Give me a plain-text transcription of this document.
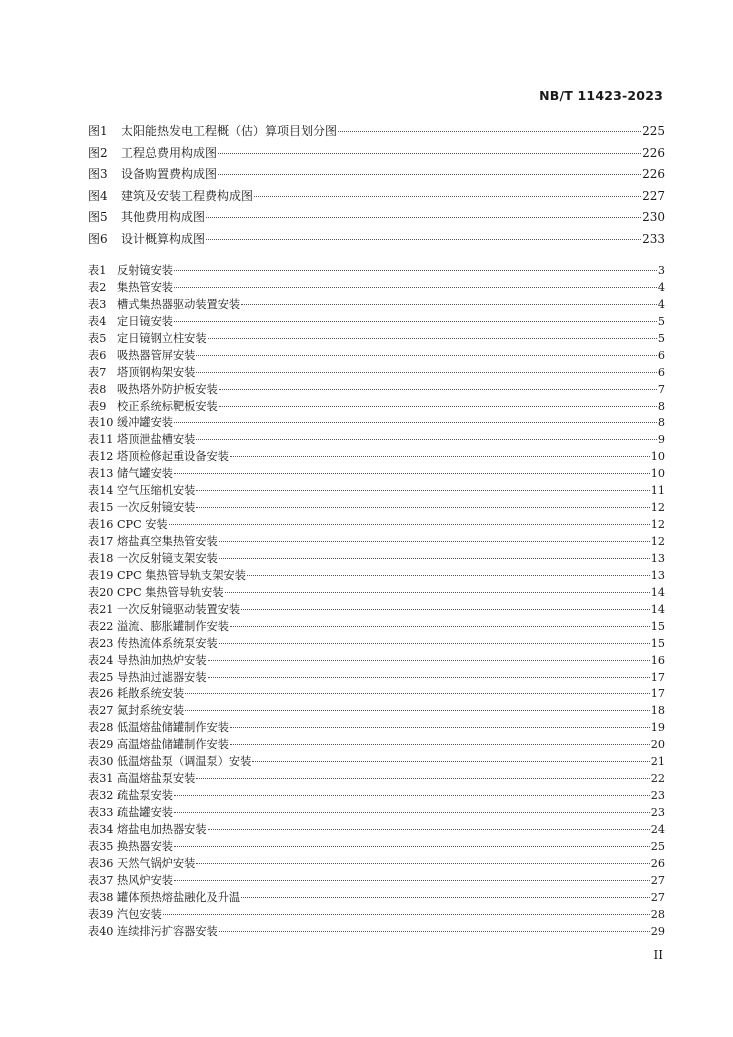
NB/T 11423-2023
图1 太阳能热发电工程概（估）算项目划分图	225
图2 工程总费用构成图	226
图3 设备购置费构成图	226
图4 建筑及安装工程费构成图	227
图5 其他费用构成图	230
图6 设计概算构成图	233
表1 反射镜安装	3
表2 集热管安装	4
表3 槽式集热器驱动装置安装	4
表4 定日镜安装	5
表5 定日镜钢立柱安装	5
表6 吸热器管屏安装	6
表7 塔顶钢构架安装	6
表8 吸热塔外防护板安装	7
表9 校正系统标靶板安装	8
表10 缓冲罐安装	8
表11 塔顶泄盐槽安装	9
表12 塔顶检修起重设备安装	10
表13 储气罐安装	10
表14 空气压缩机安装	11
表15 一次反射镜安装	12
表16 CPC 安装	12
表17 熔盐真空集热管安装	12
表18 一次反射镜支架安装	13
表19 CPC 集热管导轨支架安装	13
表20 CPC 集热管导轨安装	14
表21 一次反射镜驱动装置安装	14
表22 溢流、膨胀罐制作安装	15
表23 传热流体系统泵安装	15
表24 导热油加热炉安装	16
表25 导热油过滤器安装	17
表26 耗散系统安装	17
表27 氮封系统安装	18
表28 低温熔盐储罐制作安装	19
表29 高温熔盐储罐制作安装	20
表30 低温熔盐泵（调温泵）安装	21
表31 高温熔盐泵安装	22
表32 疏盐泵安装	23
表33 疏盐罐安装	23
表34 熔盐电加热器安装	24
表35 换热器安装	25
表36 天然气锅炉安装	26
表37 热风炉安装	27
表38 罐体预热熔盐融化及升温	27
表39 汽包安装	28
表40 连续排污扩容器安装	29
II
